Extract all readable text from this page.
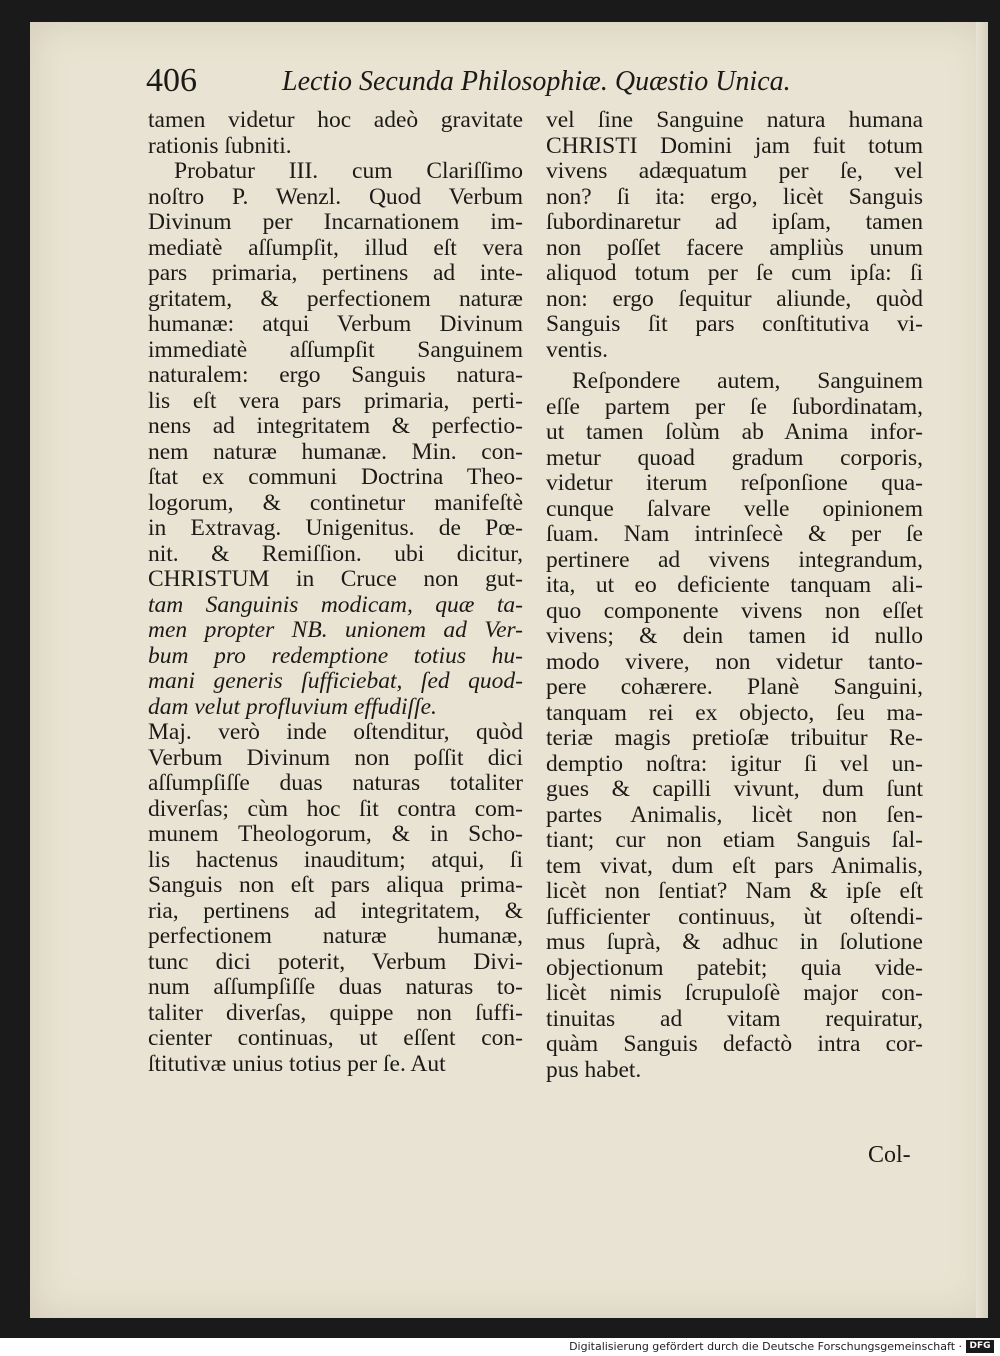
406	Lectio Secunda Philosophiæ. Quæstio Unica.
tamen videtur hoc adeò gravitate
rationis ſubniti.
Probatur III. cum Clariſſimo
noſtro P. Wenzl. Quod Verbum
Divinum per Incarnationem im-
mediatè aſſumpſit, illud eſt vera
pars primaria, pertinens ad inte-
gritatem, & perfectionem naturæ
humanæ: atqui Verbum Divinum
immediatè aſſumpſit Sanguinem
naturalem: ergo Sanguis natura-
lis eſt vera pars primaria, perti-
nens ad integritatem & perfectio-
nem naturæ humanæ. Min. con-
ſtat ex communi Doctrina Theo-
logorum, & continetur manifeſtè
in Extravag. Unigenitus. de Pœ-
nit. & Remiſſion. ubi dicitur,
CHRISTUM in Cruce non gut-
tam Sanguinis modicam, quæ ta-
men propter NB. unionem ad Ver-
bum pro redemptione totius hu-
mani generis ſufficiebat, ſed quod-
dam velut profluvium effudiſſe.
Maj. verò inde oſtenditur, quòd
Verbum Divinum non poſſit dici
aſſumpſiſſe duas naturas totaliter
diverſas; cùm hoc ſit contra com-
munem Theologorum, & in Scho-
lis hactenus inauditum; atqui, ſi
Sanguis non eſt pars aliqua prima-
ria, pertinens ad integritatem, &
perfectionem naturæ humanæ,
tunc dici poterit, Verbum Divi-
num aſſumpſiſſe duas naturas to-
taliter diverſas, quippe non ſuffi-
cienter continuas, ut eſſent con-
ſtitutivæ unius totius per ſe. Aut
vel ſine Sanguine natura humana
CHRISTI Domini jam fuit totum
vivens adæquatum per ſe, vel
non? ſi ita: ergo, licèt Sanguis
ſubordinaretur ad ipſam, tamen
non poſſet facere ampliùs unum
aliquod totum per ſe cum ipſa: ſi
non: ergo ſequitur aliunde, quòd
Sanguis ſit pars conſtitutiva vi-
ventis.
Reſpondere autem, Sanguinem
eſſe partem per ſe ſubordinatam,
ut tamen ſolùm ab Anima infor-
metur quoad gradum corporis,
videtur iterum reſponſione qua-
cunque ſalvare velle opinionem
ſuam. Nam intrinſecè & per ſe
pertinere ad vivens integrandum,
ita, ut eo deficiente tanquam ali-
quo componente vivens non eſſet
vivens; & dein tamen id nullo
modo vivere, non videtur tanto-
pere cohærere. Planè Sanguini,
tanquam rei ex objecto, ſeu ma-
teriæ magis pretioſæ tribuitur Re-
demptio noſtra: igitur ſi vel un-
gues & capilli vivunt, dum ſunt
partes Animalis, licèt non ſen-
tiant; cur non etiam Sanguis ſal-
tem vivat, dum eſt pars Animalis,
licèt non ſentiat? Nam & ipſe eſt
ſufficienter continuus, ùt oſtendi-
mus ſuprà, & adhuc in ſolutione
objectionum patebit; quia vide-
licèt nimis ſcrupuloſè major con-
tinuitas ad vitam requiratur,
quàm Sanguis defactò intra cor-
pus habet.
Col-
Digitalisierung gefördert durch die Deutsche Forschungsgemeinschaft · DFG
